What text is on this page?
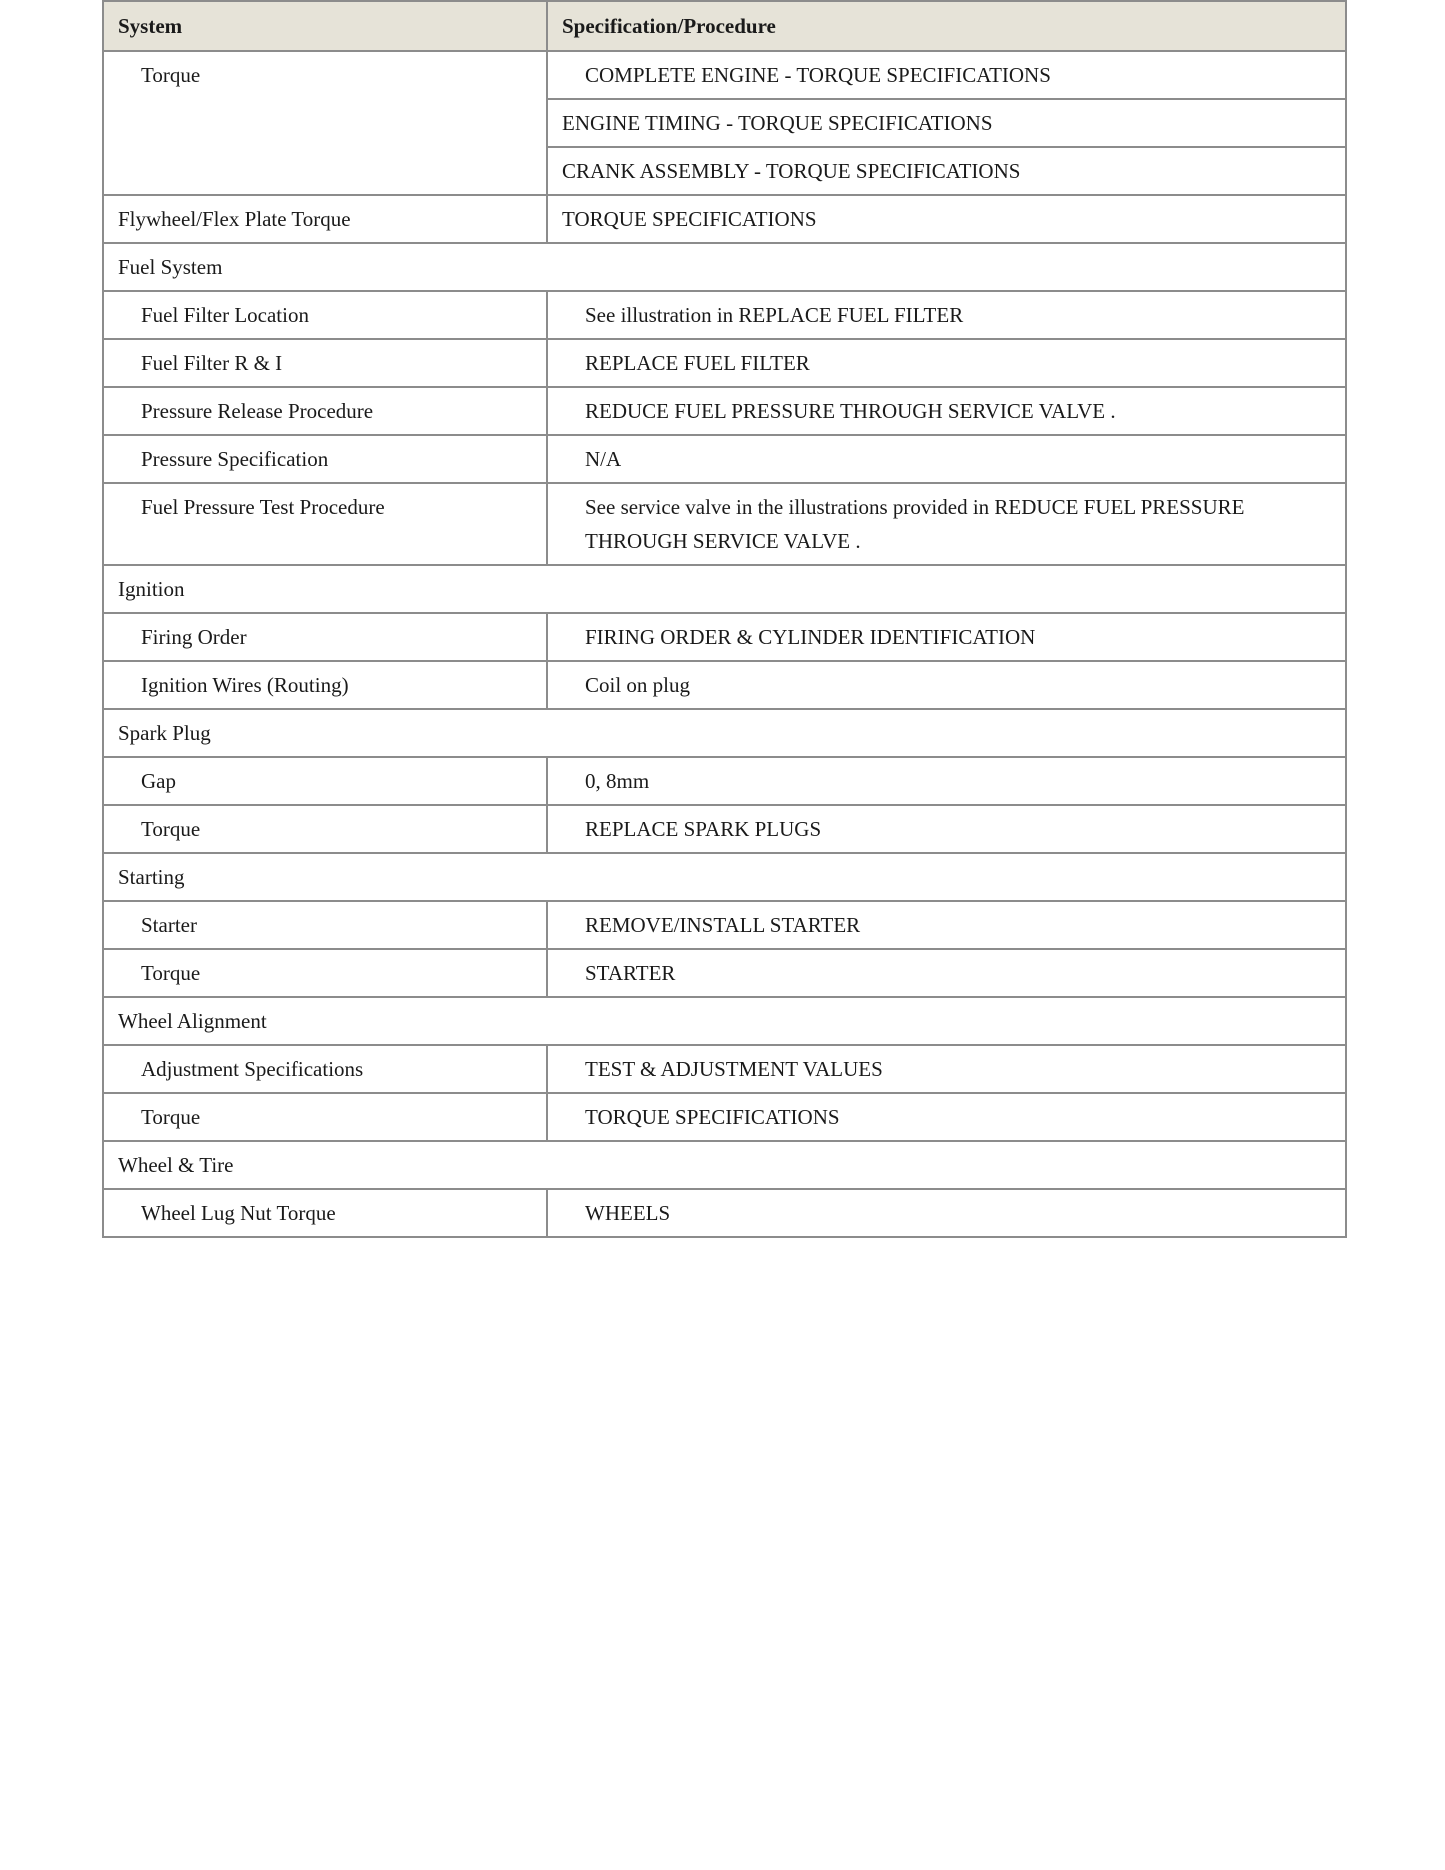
System	Specification/Procedure
Torque	COMPLETE ENGINE - TORQUE SPECIFICATIONS
	ENGINE TIMING - TORQUE SPECIFICATIONS
	CRANK ASSEMBLY - TORQUE SPECIFICATIONS
Flywheel/Flex Plate Torque	TORQUE SPECIFICATIONS
Fuel System	
Fuel Filter Location	See illustration in REPLACE FUEL FILTER
Fuel Filter R & I	REPLACE FUEL FILTER
Pressure Release Procedure	REDUCE FUEL PRESSURE THROUGH SERVICE VALVE .
Pressure Specification	N/A
Fuel Pressure Test Procedure	See service valve in the illustrations provided in REDUCE FUEL PRESSURE THROUGH SERVICE VALVE .
Ignition	
Firing Order	FIRING ORDER & CYLINDER IDENTIFICATION
Ignition Wires (Routing)	Coil on plug
Spark Plug	
Gap	0, 8mm
Torque	REPLACE SPARK PLUGS
Starting	
Starter	REMOVE/INSTALL STARTER
Torque	STARTER
Wheel Alignment	
Adjustment Specifications	TEST & ADJUSTMENT VALUES
Torque	TORQUE SPECIFICATIONS
Wheel & Tire	
Wheel Lug Nut Torque	WHEELS
